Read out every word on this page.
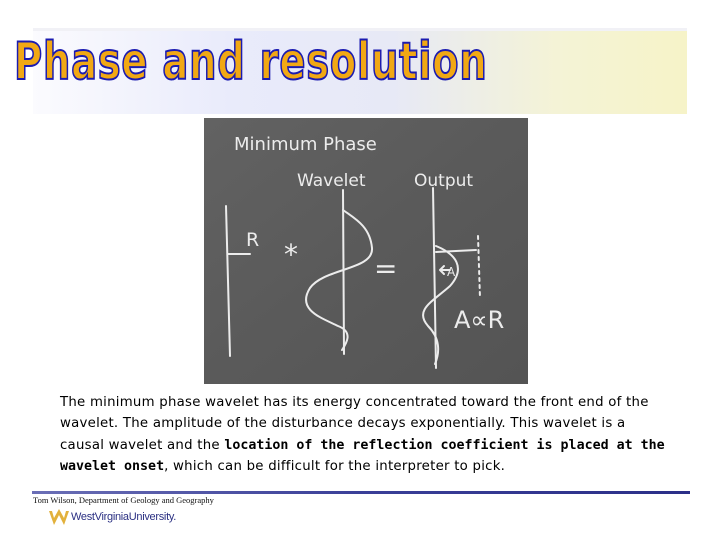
Phase and resolution
Minimum Phase
Wavelet	Output
R *	=	A
A∝R

The minimum phase wavelet has its energy concentrated toward the front end of the wavelet. The amplitude of the disturbance decays exponentially. This wavelet is a causal wavelet and the location of the reflection coefficient is placed at the wavelet onset, which can be difficult for the interpreter to pick.

Tom Wilson, Department of Geology and Geography
WestVirginiaUniversity.
